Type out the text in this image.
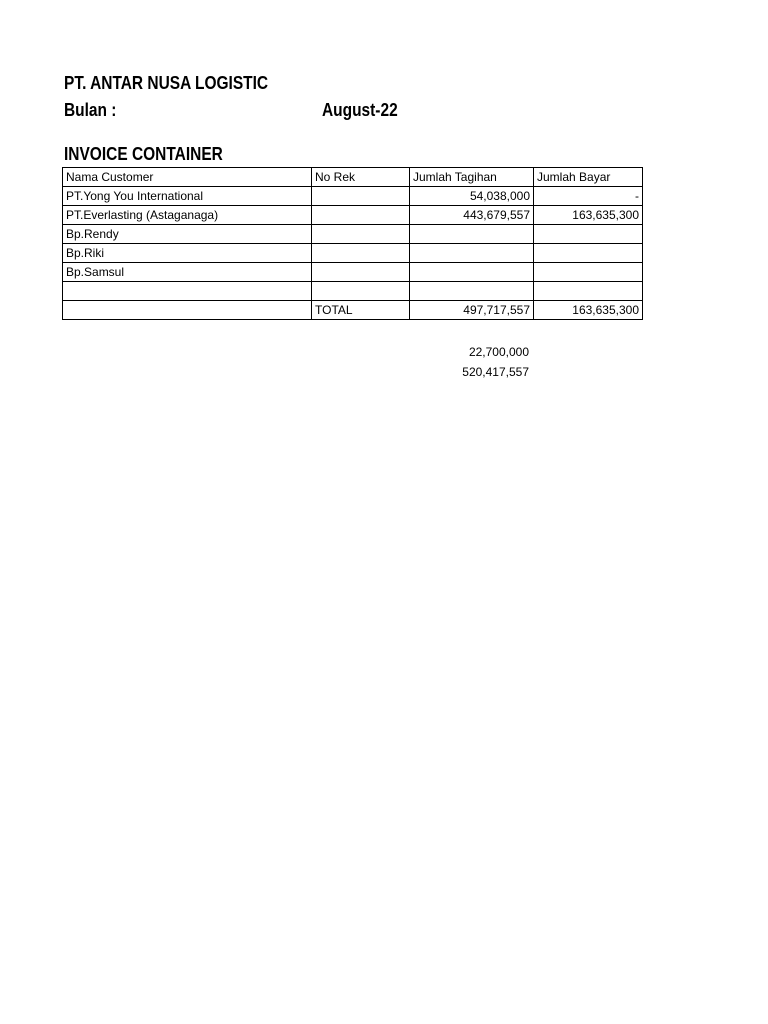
PT. ANTAR NUSA LOGISTIC
Bulan :	August-22
INVOICE CONTAINER
Nama Customer	No Rek	Jumlah Tagihan	Jumlah Bayar
PT.Yong You International		54,038,000	-
PT.Everlasting (Astaganaga)		443,679,557	163,635,300
Bp.Rendy			
Bp.Riki			
Bp.Samsul			

	TOTAL	497,717,557	163,635,300
22,700,000
520,417,557
